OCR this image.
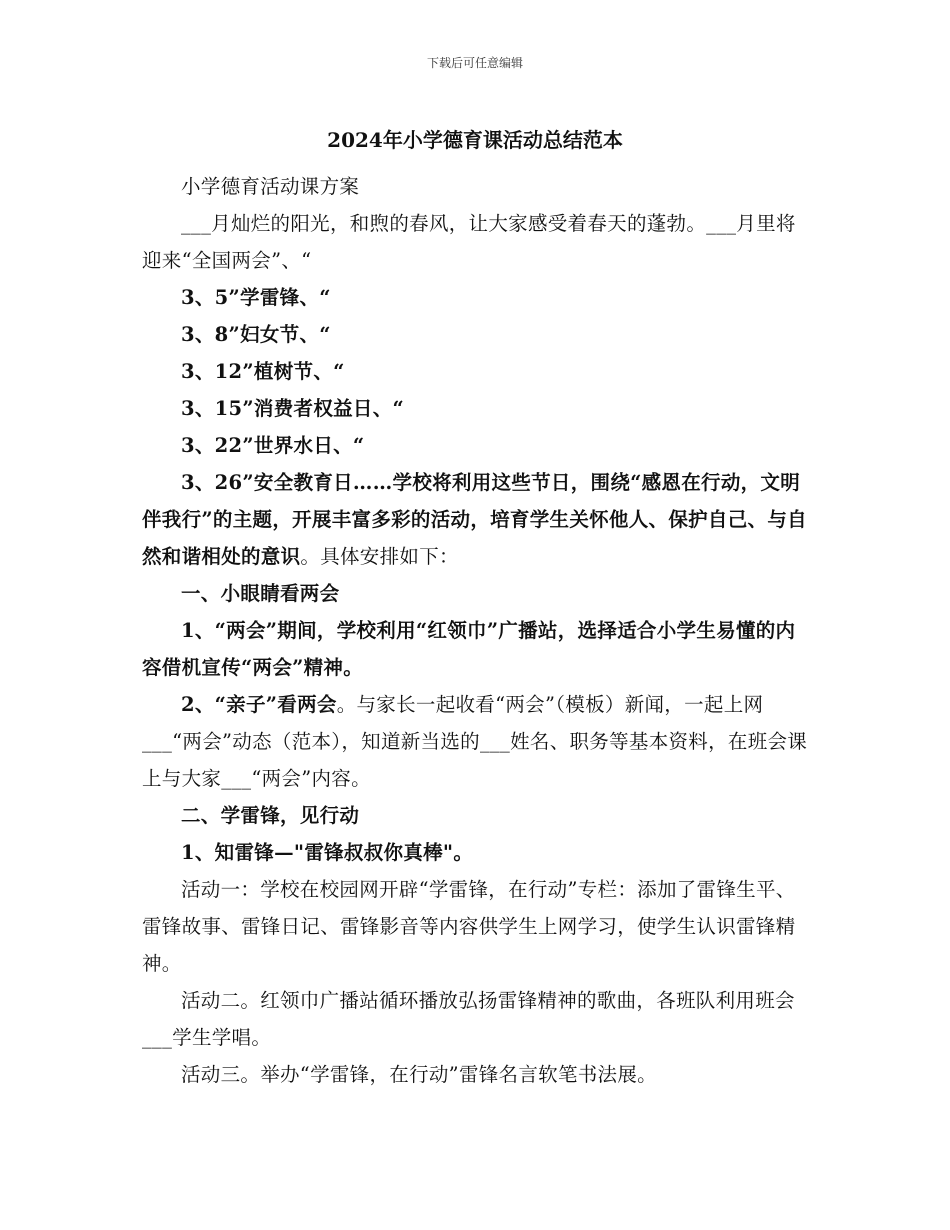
下载后可任意编辑
2024年小学德育课活动总结范本

小学德育活动课方案

___月灿烂的阳光，和煦的春风，让大家感受着春天的蓬勃。___月里将迎来“全国两会”、“

3、5”学雷锋、“

3、8”妇女节、“

3、12”植树节、“

3、15”消费者权益日、“

3、22”世界水日、“

3、26”安全教育日……学校将利用这些节日，围绕“感恩在行动，文明伴我行”的主题，开展丰富多彩的活动，培育学生关怀他人、保护自己、与自然和谐相处的意识。具体安排如下：

一、小眼睛看两会

1、“两会”期间，学校利用“红领巾”广播站，选择适合小学生易懂的内容借机宣传“两会”精神。

2、“亲子”看两会。与家长一起收看“两会”（模板）新闻，一起上网___“两会”动态（范本），知道新当选的___姓名、职务等基本资料，在班会课上与大家___“两会”内容。

二、学雷锋，见行动

1、知雷锋—"雷锋叔叔你真棒"。

活动一：学校在校园网开辟“学雷锋，在行动”专栏：添加了雷锋生平、雷锋故事、雷锋日记、雷锋影音等内容供学生上网学习，使学生认识雷锋精神。

活动二。红领巾广播站循环播放弘扬雷锋精神的歌曲，各班队利用班会___学生学唱。

活动三。举办“学雷锋，在行动”雷锋名言软笔书法展。
